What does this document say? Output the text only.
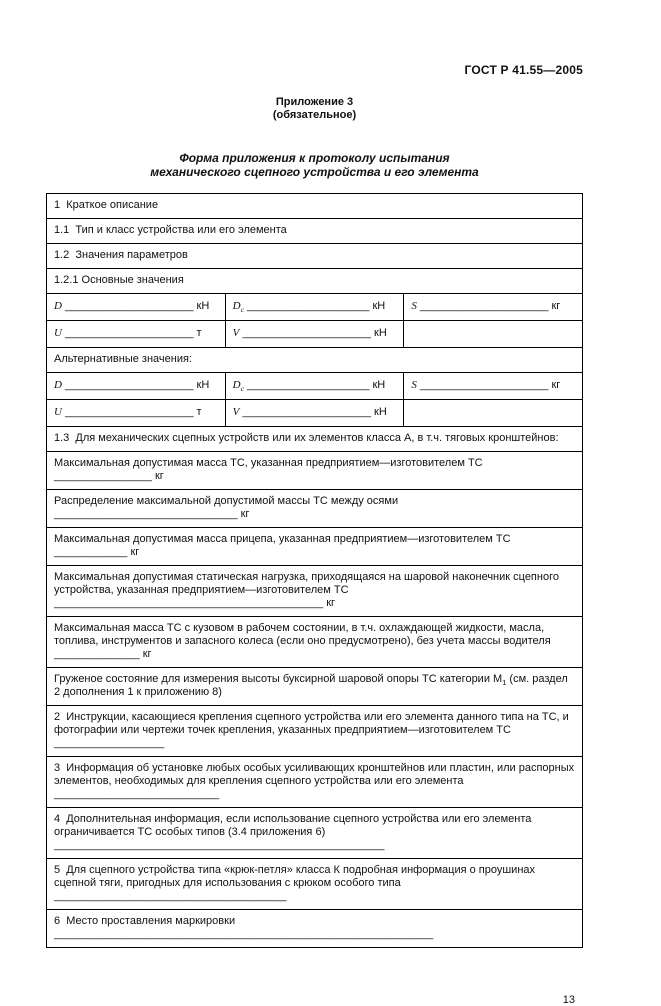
ГОСТ Р 41.55—2005
Приложение 3
(обязательное)
Форма приложения к протоколу испытания
механического сцепного устройства и его элемента
1  Краткое описание
1.1  Тип и класс устройства или его элемента
1.2  Значения параметров
1.2.1 Основные значения
D _____________________ кН	$D_c$ ____________________ кН	S _____________________ кг
U _____________________ т	V _____________________ кН
Альтернативные значения:
D _____________________ кН	$D_c$ ____________________ кН	S _____________________ кг
U _____________________ т	V _____________________ кН
1.3  Для механических сцепных устройств или их элементов класса А, в т.ч. тяговых кронштейнов:
Максимальная допустимая масса ТС, указанная предприятием—изготовителем ТС ________________ кг
Распределение максимальной допустимой массы ТС между осями ______________________________ кг
Максимальная допустимая масса прицепа, указанная предприятием—изготовителем ТС ____________ кг
Максимальная допустимая статическая нагрузка, приходящаяся на шаровой наконечник сцепного устройства, указанная предприятием—изготовителем ТС ____________________________________________ кг
Максимальная масса ТС с кузовом в рабочем состоянии, в т.ч. охлаждающей жидкости, масла, топлива, инструментов и запасного колеса (если оно предусмотрено), без учета массы водителя ______________ кг
Груженое состояние для измерения высоты буксирной шаровой опоры ТС категории $М_1$ (см. раздел 2 дополнения 1 к приложению 8)
2  Инструкции, касающиеся крепления сцепного устройства или его элемента данного типа на ТС, и фотографии или чертежи точек крепления, указанных предприятием—изготовителем ТС __________________
3  Информация об установке любых особых усиливающих кронштейнов или пластин, или распорных элементов, необходимых для крепления сцепного устройства или его элемента ___________________________
4  Дополнительная информация, если использование сцепного устройства или его элемента ограничивается ТС особых типов (3.4 приложения 6) ______________________________________________________
5  Для сцепного устройства типа «крюк-петля» класса К подробная информация о проушинах сцепной тяги, пригодных для использования с крюком особого типа ______________________________________
6  Место проставления маркировки ______________________________________________________________
13
